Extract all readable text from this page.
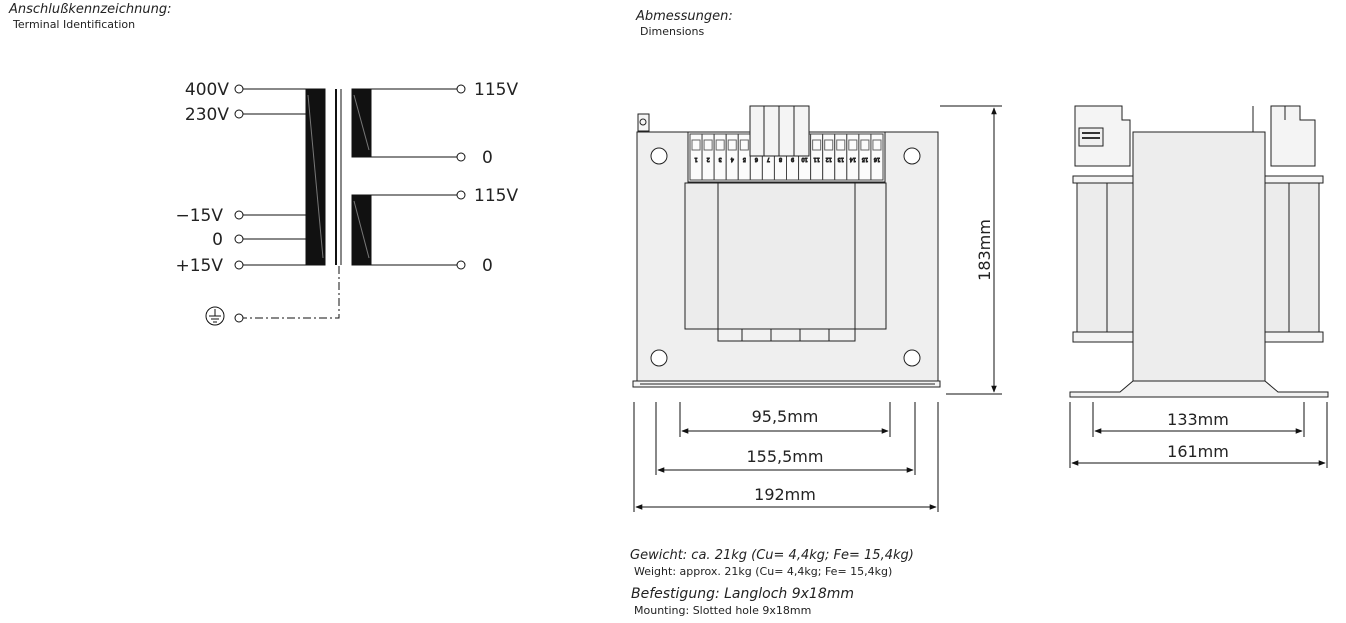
Anschlußkennzeichnung:
Terminal Identification
Abmessungen:
Dimensions
400V
230V
−15V
0
+15V
115V
0
115V
0
1 2 3 4 5 6 7 8 9 10 11 12 13 14 15 16
95,5mm
155,5mm
192mm
183mm
133mm
161mm
Gewicht: ca. 21kg (Cu= 4,4kg; Fe= 15,4kg)
Weight: approx. 21kg (Cu= 4,4kg; Fe= 15,4kg)
Befestigung: Langloch 9x18mm
Mounting: Slotted hole 9x18mm
